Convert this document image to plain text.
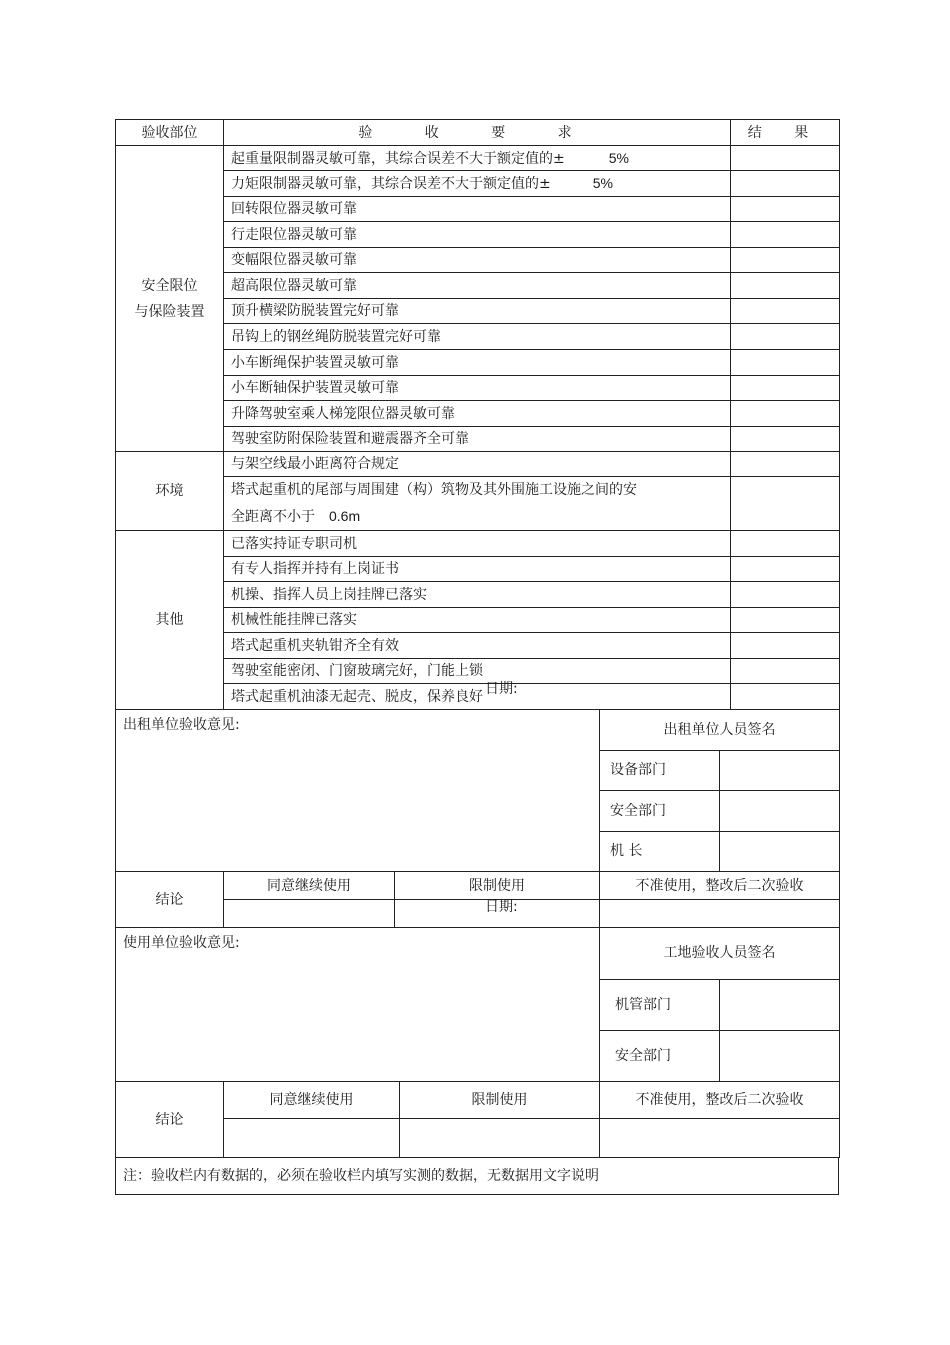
验收部位	验 收 要 求	结 果

安全限位
与保险装置	起重量限制器灵敏可靠，其综合误差不大于额定值的± 5%	
	力矩限制器灵敏可靠，其综合误差不大于额定值的± 5%	
	回转限位器灵敏可靠	
	行走限位器灵敏可靠	
	变幅限位器灵敏可靠	
	超高限位器灵敏可靠	
	顶升横梁防脱装置完好可靠	
	吊钩上的钢丝绳防脱装置完好可靠	
	小车断绳保护装置灵敏可靠	
	小车断轴保护装置灵敏可靠	
	升降驾驶室乘人梯笼限位器灵敏可靠	
	驾驶室防附保险装置和避震器齐全可靠	
环境	与架空线最小距离符合规定	

	塔式起重机的尾部与周围建（构）筑物及其外围施工设施之间的安
全距离不小于 0.6m	

其他	已落实持证专职司机	
	有专人指挥并持有上岗证书	
	机操、指挥人员上岗挂牌已落实	
	机械性能挂牌已落实	
	塔式起重机夹轨钳齐全有效	
	驾驶室能密闭、门窗玻璃完好，门能上锁	
	塔式起重机油漆无起壳、脱皮，保养良好	
出租单位验收意见:
日期:

出租单位人员签名
设备部门	
安全部门	
机 长	
结论	同意继续使用	限制使用	不准使用，整改后二次验收

使用单位验收意见:
日期:

工地验收人员签名
机管部门	
安全部门	
结论	同意继续使用	限制使用	不准使用，整改后二次验收

注：验收栏内有数据的，必须在验收栏内填写实测的数据，无数据用文字说明
